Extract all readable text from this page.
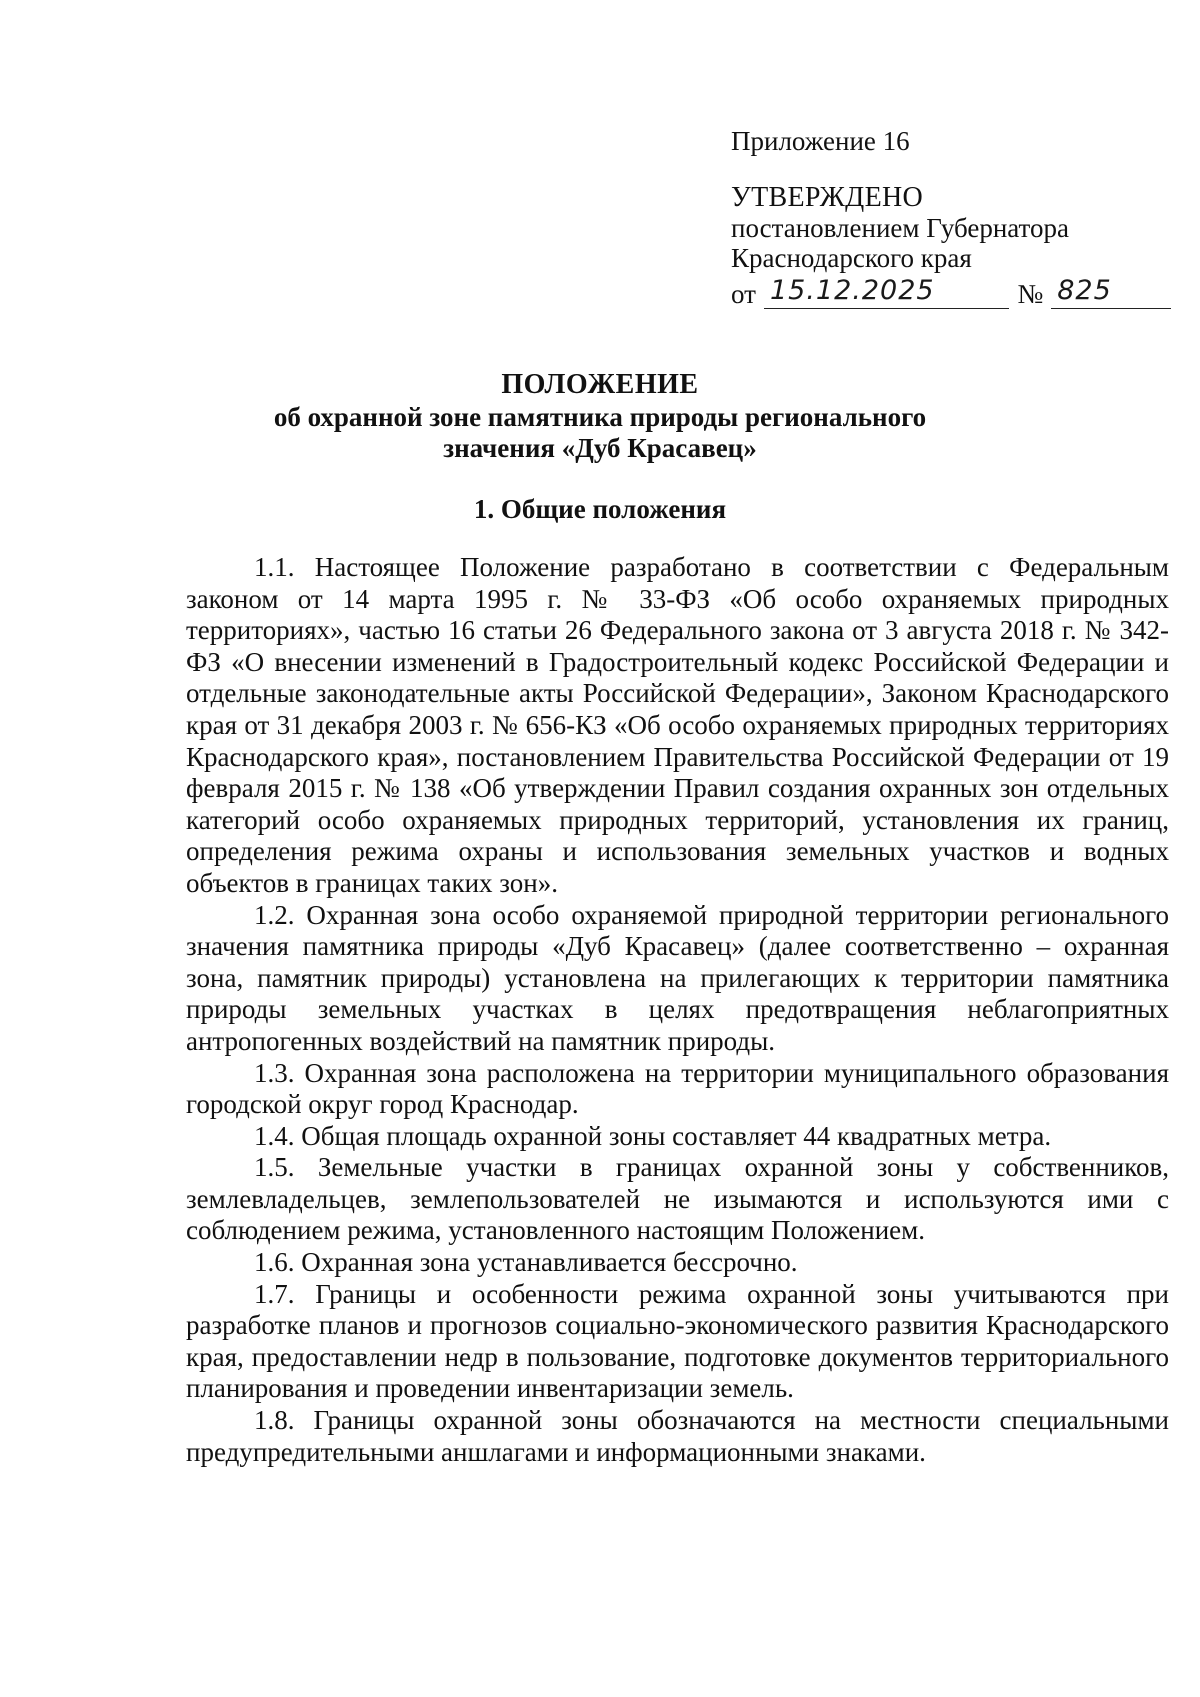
Приложение 16
УТВЕРЖДЕНО
постановлением Губернатора
Краснодарского края
от 15.12.2025	№ 825
ПОЛОЖЕНИЕ
об охранной зоне памятника природы регионального
значения «Дуб Красавец»
1. Общие положения

1.1. Настоящее Положение разработано в соответствии с Федеральным законом от 14 марта 1995 г. № 33-ФЗ «Об особо охраняемых природных территориях», частью 16 статьи 26 Федерального закона от 3 августа 2018 г. № 342-ФЗ «О внесении изменений в Градостроительный кодекс Российской Федерации и отдельные законодательные акты Российской Федерации», Законом Краснодарского края от 31 декабря 2003 г. № 656-КЗ «Об особо охраняемых природных территориях Краснодарского края», постановлением Правительства Российской Федерации от 19 февраля 2015 г. № 138 «Об утверждении Правил создания охранных зон отдельных категорий особо охраняемых природных территорий, установления их границ, определения режима охраны и использования земельных участков и водных объектов в границах таких зон».

1.2. Охранная зона особо охраняемой природной территории регионального значения памятника природы «Дуб Красавец» (далее соответственно – охранная зона, памятник природы) установлена на прилегающих к территории памятника природы земельных участках в целях предотвращения неблагоприятных антропогенных воздействий на памятник природы.

1.3. Охранная зона расположена на территории муниципального образования городской округ город Краснодар.

1.4. Общая площадь охранной зоны составляет 44 квадратных метра.

1.5. Земельные участки в границах охранной зоны у собственников, землевладельцев, землепользователей не изымаются и используются ими с соблюдением режима, установленного настоящим Положением.

1.6. Охранная зона устанавливается бессрочно.

1.7. Границы и особенности режима охранной зоны учитываются при разработке планов и прогнозов социально-экономического развития Краснодарского края, предоставлении недр в пользование, подготовке документов территориального планирования и проведении инвентаризации земель.

1.8. Границы охранной зоны обозначаются на местности специальными предупредительными аншлагами и информационными знаками.
